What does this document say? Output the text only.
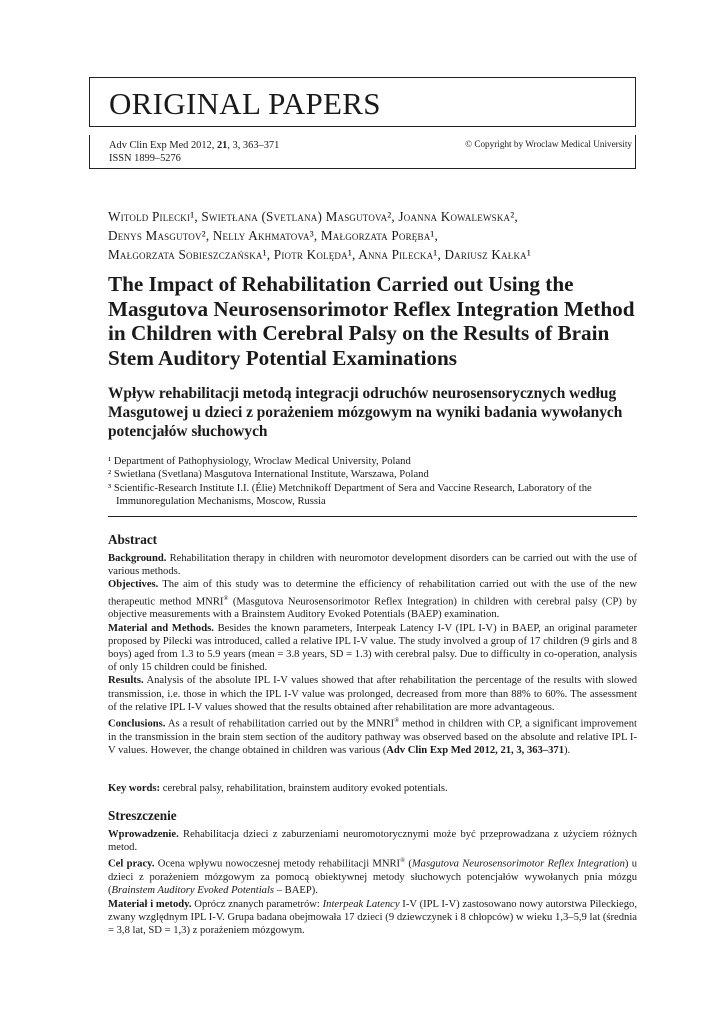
ORIGINAL PAPERS
Adv Clin Exp Med 2012, 21, 3, 363–371
ISSN 1899–5276
© Copyright by Wroclaw Medical University
Witold Pilecki¹, Swietłana (Svetlana) Masgutova², Joanna Kowalewska²,
Denys Masgutov², Nelly Akhmatova³, Małgorzata Poręba¹,
Małgorzata Sobieszczańska¹, Piotr Kolęda¹, Anna Pilecka¹, Dariusz Kałka¹
The Impact of Rehabilitation Carried out Using the Masgutova Neurosensorimotor Reflex Integration Method in Children with Cerebral Palsy on the Results of Brain Stem Auditory Potential Examinations
Wpływ rehabilitacji metodą integracji odruchów neurosensorycznych według Masgutowej u dzieci z porażeniem mózgowym na wyniki badania wywołanych potencjałów słuchowych
¹ Department of Pathophysiology, Wroclaw Medical University, Poland
² Swietłana (Svetlana) Masgutova International Institute, Warszawa, Poland
³ Scientific-Research Institute I.I. (Élie) Metchnikoff Department of Sera and Vaccine Research, Laboratory of the Immunoregulation Mechanisms, Moscow, Russia
Abstract

Background. Rehabilitation therapy in children with neuromotor development disorders can be carried out with the use of various methods.

Objectives. The aim of this study was to determine the efficiency of rehabilitation carried out with the use of the new therapeutic method MNRI® (Masgutova Neurosensorimotor Reflex Integration) in children with cerebral palsy (CP) by objective measurements with a Brainstem Auditory Evoked Potentials (BAEP) examination.

Material and Methods. Besides the known parameters, Interpeak Latency I-V (IPL I-V) in BAEP, an original parameter proposed by Pilecki was introduced, called a relative IPL I-V value. The study involved a group of 17 children (9 girls and 8 boys) aged from 1.3 to 5.9 years (mean = 3.8 years, SD = 1.3) with cerebral palsy. Due to difficulty in co-operation, analysis of only 15 children could be finished.

Results. Analysis of the absolute IPL I-V values showed that after rehabilitation the percentage of the results with slowed transmission, i.e. those in which the IPL I-V value was prolonged, decreased from more than 88% to 60%. The assessment of the relative IPL I-V values showed that the results obtained after rehabilitation are more advantageous.

Conclusions. As a result of rehabilitation carried out by the MNRI® method in children with CP, a significant improvement in the transmission in the brain stem section of the auditory pathway was observed based on the absolute and relative IPL I-V values. However, the change obtained in children was various (Adv Clin Exp Med 2012, 21, 3, 363–371).

Key words: cerebral palsy, rehabilitation, brainstem auditory evoked potentials.
Streszczenie

Wprowadzenie. Rehabilitacja dzieci z zaburzeniami neuromotorycznymi może być przeprowadzana z użyciem różnych metod.

Cel pracy. Ocena wpływu nowoczesnej metody rehabilitacji MNRI® (Masgutova Neurosensorimotor Reflex Integration) u dzieci z porażeniem mózgowym za pomocą obiektywnej metody słuchowych potencjałów wywołanych pnia mózgu (Brainstem Auditory Evoked Potentials – BAEP).

Materiał i metody. Oprócz znanych parametrów: Interpeak Latency I-V (IPL I-V) zastosowano nowy autorstwa Pileckiego, zwany względnym IPL I-V. Grupa badana obejmowała 17 dzieci (9 dziewczynek i 8 chłopców) w wieku 1,3–5,9 lat (średnia = 3,8 lat, SD = 1,3) z porażeniem mózgowym.
